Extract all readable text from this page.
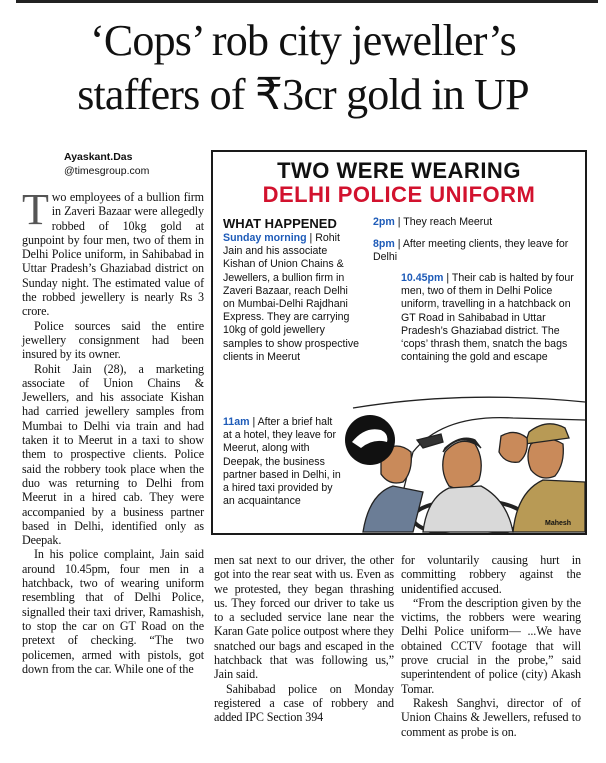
‘Cops’ rob city jeweller’s
staffers of ₹3cr gold in UP
Ayaskant.Das
@timesgroup.com

Two employees of a bullion firm in Zaveri Bazaar were allegedly robbed of 10kg gold at gunpoint by four men, two of them in Delhi Police uniform, in Sahibabad in Uttar Pradesh’s Ghaziabad district on Sunday night. The estimated value of the robbed jewellery is nearly Rs 3 crore.

Police sources said the entire jewellery consignment had been insured by its owner.

Rohit Jain (28), a marketing associate of Union Chains & Jewellers, and his associate Kishan had carried jewellery samples from Mumbai to Delhi via train and had taken it to Meerut in a taxi to show them to prospective clients. Police said the robbery took place when the duo was returning to Delhi from Meerut in a hired cab. They were accompanied by a business partner based in Delhi, identified only as Deepak.

In his police complaint, Jain said around 10.45pm, four men in a hatchback, two of wearing uniform resembling that of Delhi Police, signalled their taxi driver, Ramashish, to stop the car on GT Road on the pretext of checking. “The two policemen, armed with pistols, got down from the car. While one of the

men sat next to our driver, the other got into the rear seat with us. Even as we protested, they began thrashing us. They forced our driver to take us to a secluded service lane near the Karan Gate police outpost where they snatched our bags and escaped in the hatchback that was following us,” Jain said.

Sahibabad police on Monday registered a case of robbery and added IPC Section 394

for voluntarily causing hurt in committing robbery against the unidentified accused.

“From the description given by the victims, the robbers were wearing Delhi Police uniform— ...We have obtained CCTV footage that will prove crucial in the probe,” said superintendent of police (city) Akash Tomar.

Rakesh Sanghvi, director of of Union Chains & Jewellers, refused to comment as probe is on.

TWO WERE WEARING
DELHI POLICE UNIFORM
WHAT HAPPENED
Sunday morning | Rohit Jain and his associate Kishan of Union Chains & Jewellers, a bullion firm in Zaveri Bazaar, reach Delhi on Mumbai-Delhi Rajdhani Express. They are carrying 10kg of gold jewellery samples to show prospective clients in Meerut
11am | After a brief halt at a hotel, they leave for Meerut, along with Deepak, the business partner based in Delhi, in a hired taxi provided by an acquaintance
2pm | They reach Meerut
8pm | After meeting clients, they leave for Delhi
10.45pm | Their cab is halted by four men, two of them in Delhi Police uniform, travelling in a hatchback on GT Road in Sahibabad in Uttar Pradesh’s Ghaziabad district. The ‘cops’ thrash them, snatch the bags containing the gold and escape
Mahesh
